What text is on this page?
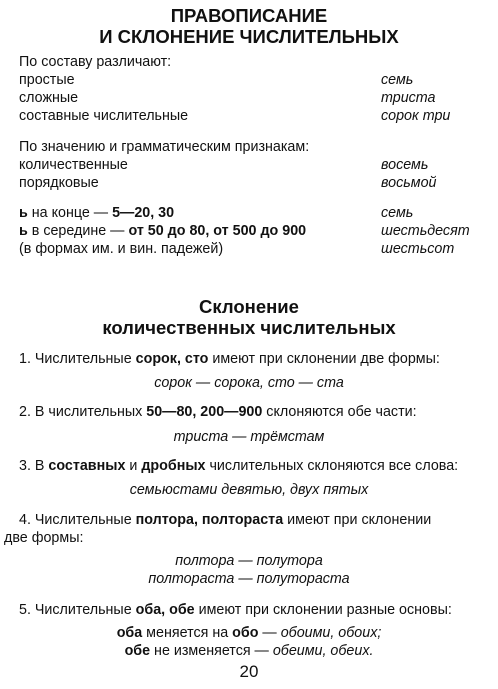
ПРАВОПИСАНИЕ
И СКЛОНЕНИЕ ЧИСЛИТЕЛЬНЫХ
По составу различают:
простые	семь
сложные	триста
составные числительные	сорок три
По значению и грамматическим признакам:
количественные	восемь
порядковые	восьмой
ь на конце — 5—20, 30	семь
ь в середине — от 50 до 80, от 500 до 900	шестьдесят
(в формах им. и вин. падежей)	шестьсот
Склонение
количественных числительных
1. Числительные сорок, сто имеют при склонении две формы:
сорок — сорока, сто — ста
2. В числительных 50—80, 200—900 склоняются обе части:
триста — трёмстам
3. В составных и дробных числительных склоняются все слова:
семьюстами девятью, двух пятых
4. Числительные полтора, полтораста имеют при склонении
две формы:
полтора — полутора
полтораста — полутораста
5. Числительные оба, обе имеют при склонении разные основы:
оба меняется на обо — обоими, обоих;
обе не изменяется — обеими, обеих.
20
